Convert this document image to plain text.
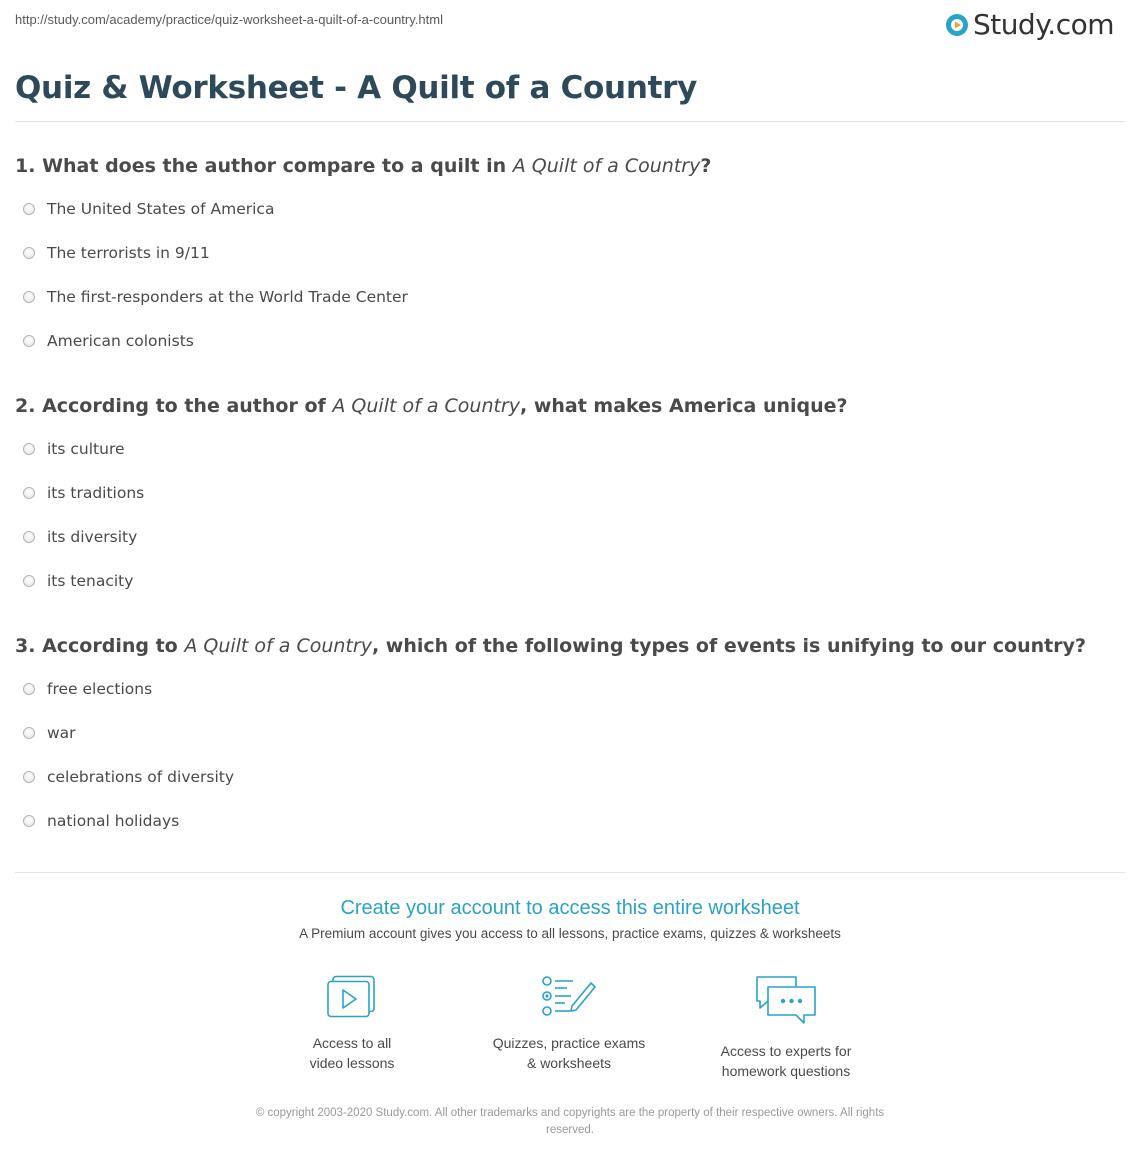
http://study.com/academy/practice/quiz-worksheet-a-quilt-of-a-country.html	Study.com
Quiz & Worksheet - A Quilt of a Country
1. What does the author compare to a quilt in A Quilt of a Country?
The United States of America
The terrorists in 9/11
The first-responders at the World Trade Center
American colonists
2. According to the author of A Quilt of a Country, what makes America unique?
its culture
its traditions
its diversity
its tenacity
3. According to A Quilt of a Country, which of the following types of events is unifying to our country?
free elections
war
celebrations of diversity
national holidays
Create your account to access this entire worksheet
A Premium account gives you access to all lessons, practice exams, quizzes & worksheets
Access to all
video lessons
Quizzes, practice exams
& worksheets
Access to experts for
homework questions
© copyright 2003-2020 Study.com. All other trademarks and copyrights are the property of their respective owners. All rights
reserved.
